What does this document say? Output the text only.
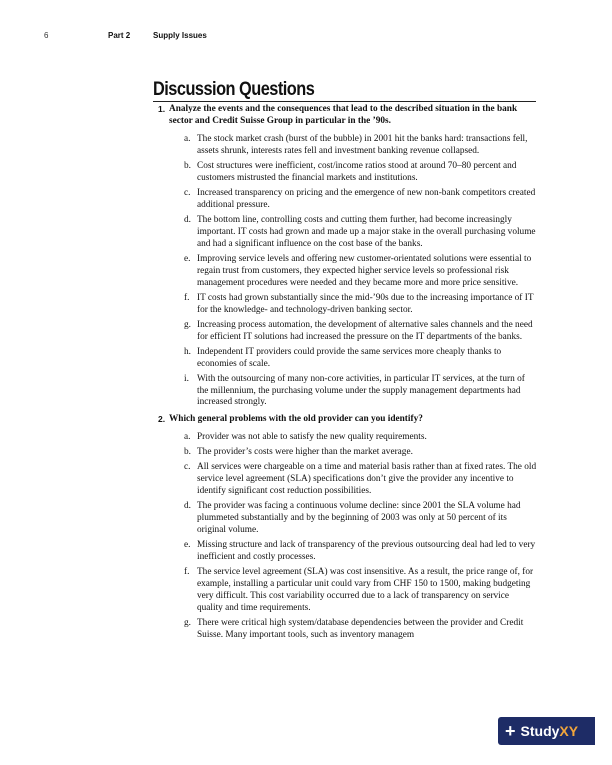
6	Part 2	Supply Issues
Discussion Questions
1. Analyze the events and the consequences that lead to the described situation in the bank sector and Credit Suisse Group in particular in the ’90s.
a. The stock market crash (burst of the bubble) in 2001 hit the banks hard: transactions fell, assets shrunk, interests rates fell and investment banking revenue collapsed.
b. Cost structures were inefficient, cost/income ratios stood at around 70–80 percent and customers mistrusted the financial markets and institutions.
c. Increased transparency on pricing and the emergence of new non-bank competitors created additional pressure.
d. The bottom line, controlling costs and cutting them further, had become increasingly important. IT costs had grown and made up a major stake in the overall purchasing volume and had a significant influence on the cost base of the banks.
e. Improving service levels and offering new customer-orientated solutions were essential to regain trust from customers, they expected higher service levels so professional risk management procedures were needed and they became more and more price sensitive.
f. IT costs had grown substantially since the mid-’90s due to the increasing importance of IT for the knowledge- and technology-driven banking sector.
g. Increasing process automation, the development of alternative sales channels and the need for efficient IT solutions had increased the pressure on the IT departments of the banks.
h. Independent IT providers could provide the same services more cheaply thanks to economies of scale.
i. With the outsourcing of many non-core activities, in particular IT services, at the turn of the millennium, the purchasing volume under the supply management departments had increased strongly.
2. Which general problems with the old provider can you identify?
a. Provider was not able to satisfy the new quality requirements.
b. The provider’s costs were higher than the market average.
c. All services were chargeable on a time and material basis rather than at fixed rates. The old service level agreement (SLA) specifications don’t give the provider any incentive to identify significant cost reduction possibilities.
d. The provider was facing a continuous volume decline: since 2001 the SLA volume had plummeted substantially and by the beginning of 2003 was only at 50 percent of its original volume.
e. Missing structure and lack of transparency of the previous outsourcing deal had led to very inefficient and costly processes.
f. The service level agreement (SLA) was cost insensitive. As a result, the price range of, for example, installing a particular unit could vary from CHF 150 to 1500, making budgeting very difficult. This cost variability occurred due to a lack of transparency on service quality and time requirements.
g. There were critical high system/database dependencies between the provider and Credit Suisse. Many important tools, such as inventory managem
+ Study XY
